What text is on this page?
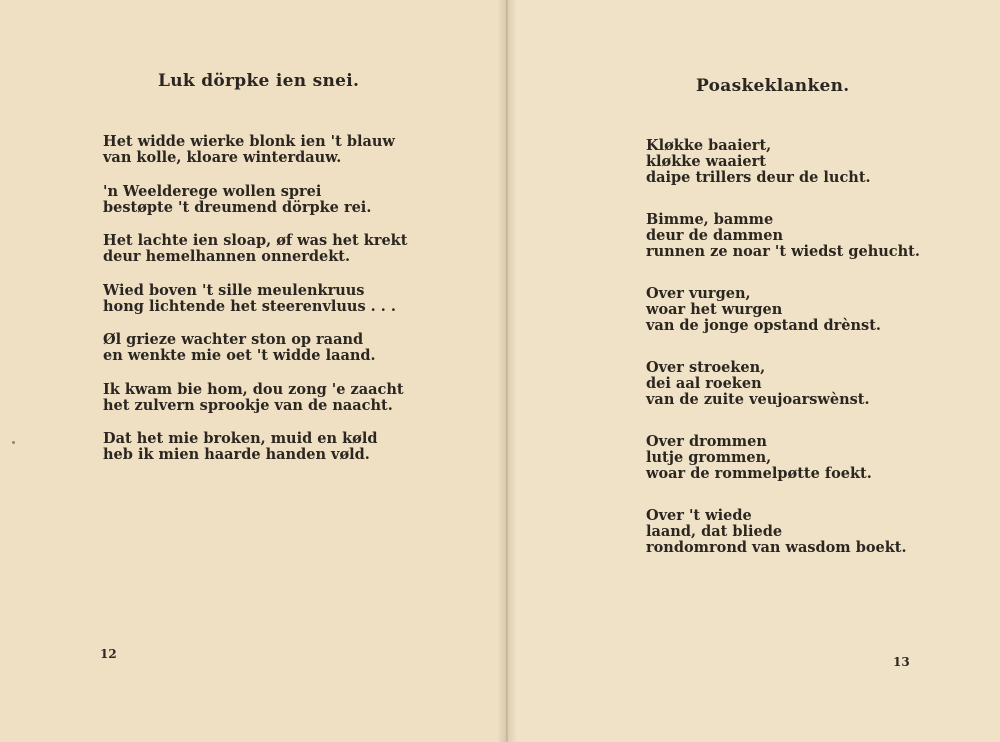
Luk dörpke ien snei.
Het widde wierke blonk ien 't blauw
van kolle, kloare winterdauw.
'n Weelderege wollen sprei
bestøpte 't dreumend dörpke rei.
Het lachte ien sloap, øf was het krekt
deur hemelhannen onnerdekt.
Wied boven 't sille meulenkruus
hong lichtende het steerenvluus . . .
Øl grieze wachter ston op raand
en wenkte mie oet 't widde laand.
Ik kwam bie hom, dou zong 'e zaacht
het zulvern sprookje van de naacht.
Dat het mie broken, muid en køld
heb ik mien haarde handen vøld.
12
Poaskeklanken.
Kløkke baaiert,
kløkke waaiert
daipe trillers deur de lucht.
Bimme, bamme
deur de dammen
runnen ze noar 't wiedst gehucht.
Over vurgen,
woar het wurgen
van de jonge opstand drènst.
Over stroeken,
dei aal roeken
van de zuite veujoarswènst.
Over drommen
lutje grommen,
woar de rommelpøtte foekt.
Over 't wiede
laand, dat bliede
rondomrond van wasdom boekt.
13
